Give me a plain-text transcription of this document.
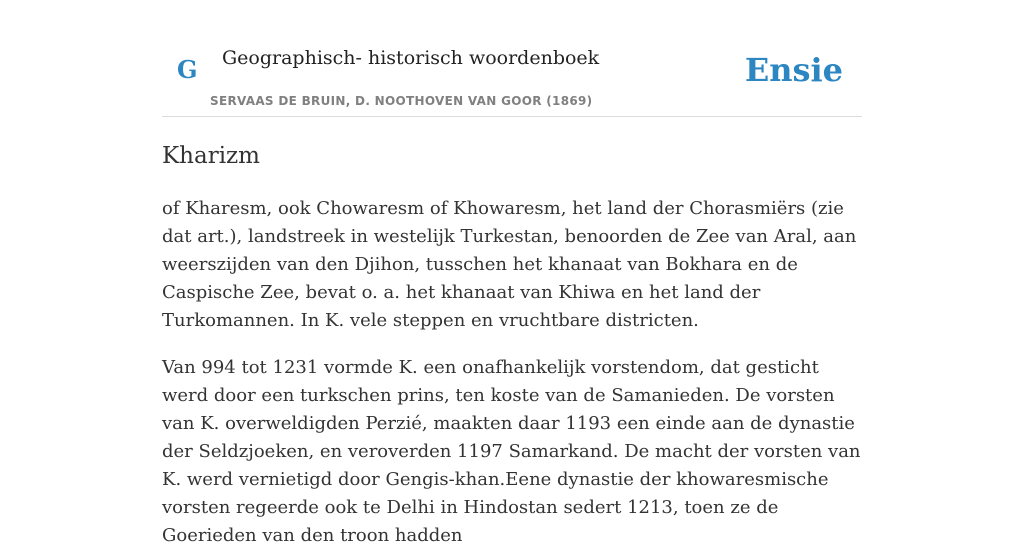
G Geographisch- historisch woordenboek
SERVAAS DE BRUIN, D. NOOTHOVEN VAN GOOR (1869)
Ensie
Kharizm

of Kharesm, ook Chowaresm of Khowaresm, het land der Chorasmiërs (zie dat art.), landstreek in westelijk Turkestan, benoorden de Zee van Aral, aan weerszijden van den Djihon, tusschen het khanaat van Bokhara en de Caspische Zee, bevat o. a. het khanaat van Khiwa en het land der Turkomannen. In K. vele steppen en vruchtbare districten.

Van 994 tot 1231 vormde K. een onafhankelijk vorstendom, dat gesticht werd door een turkschen prins, ten koste van de Samanieden. De vorsten van K. overweldigden Perzié, maakten daar 1193 een einde aan de dynastie der Seldzjoeken, en veroverden 1197 Samarkand. De macht der vorsten van K. werd vernietigd door Gengis-khan.Eene dynastie der khowaresmische vorsten regeerde ook te Delhi in Hindostan sedert 1213, toen ze de Goerieden van den troon hadden
